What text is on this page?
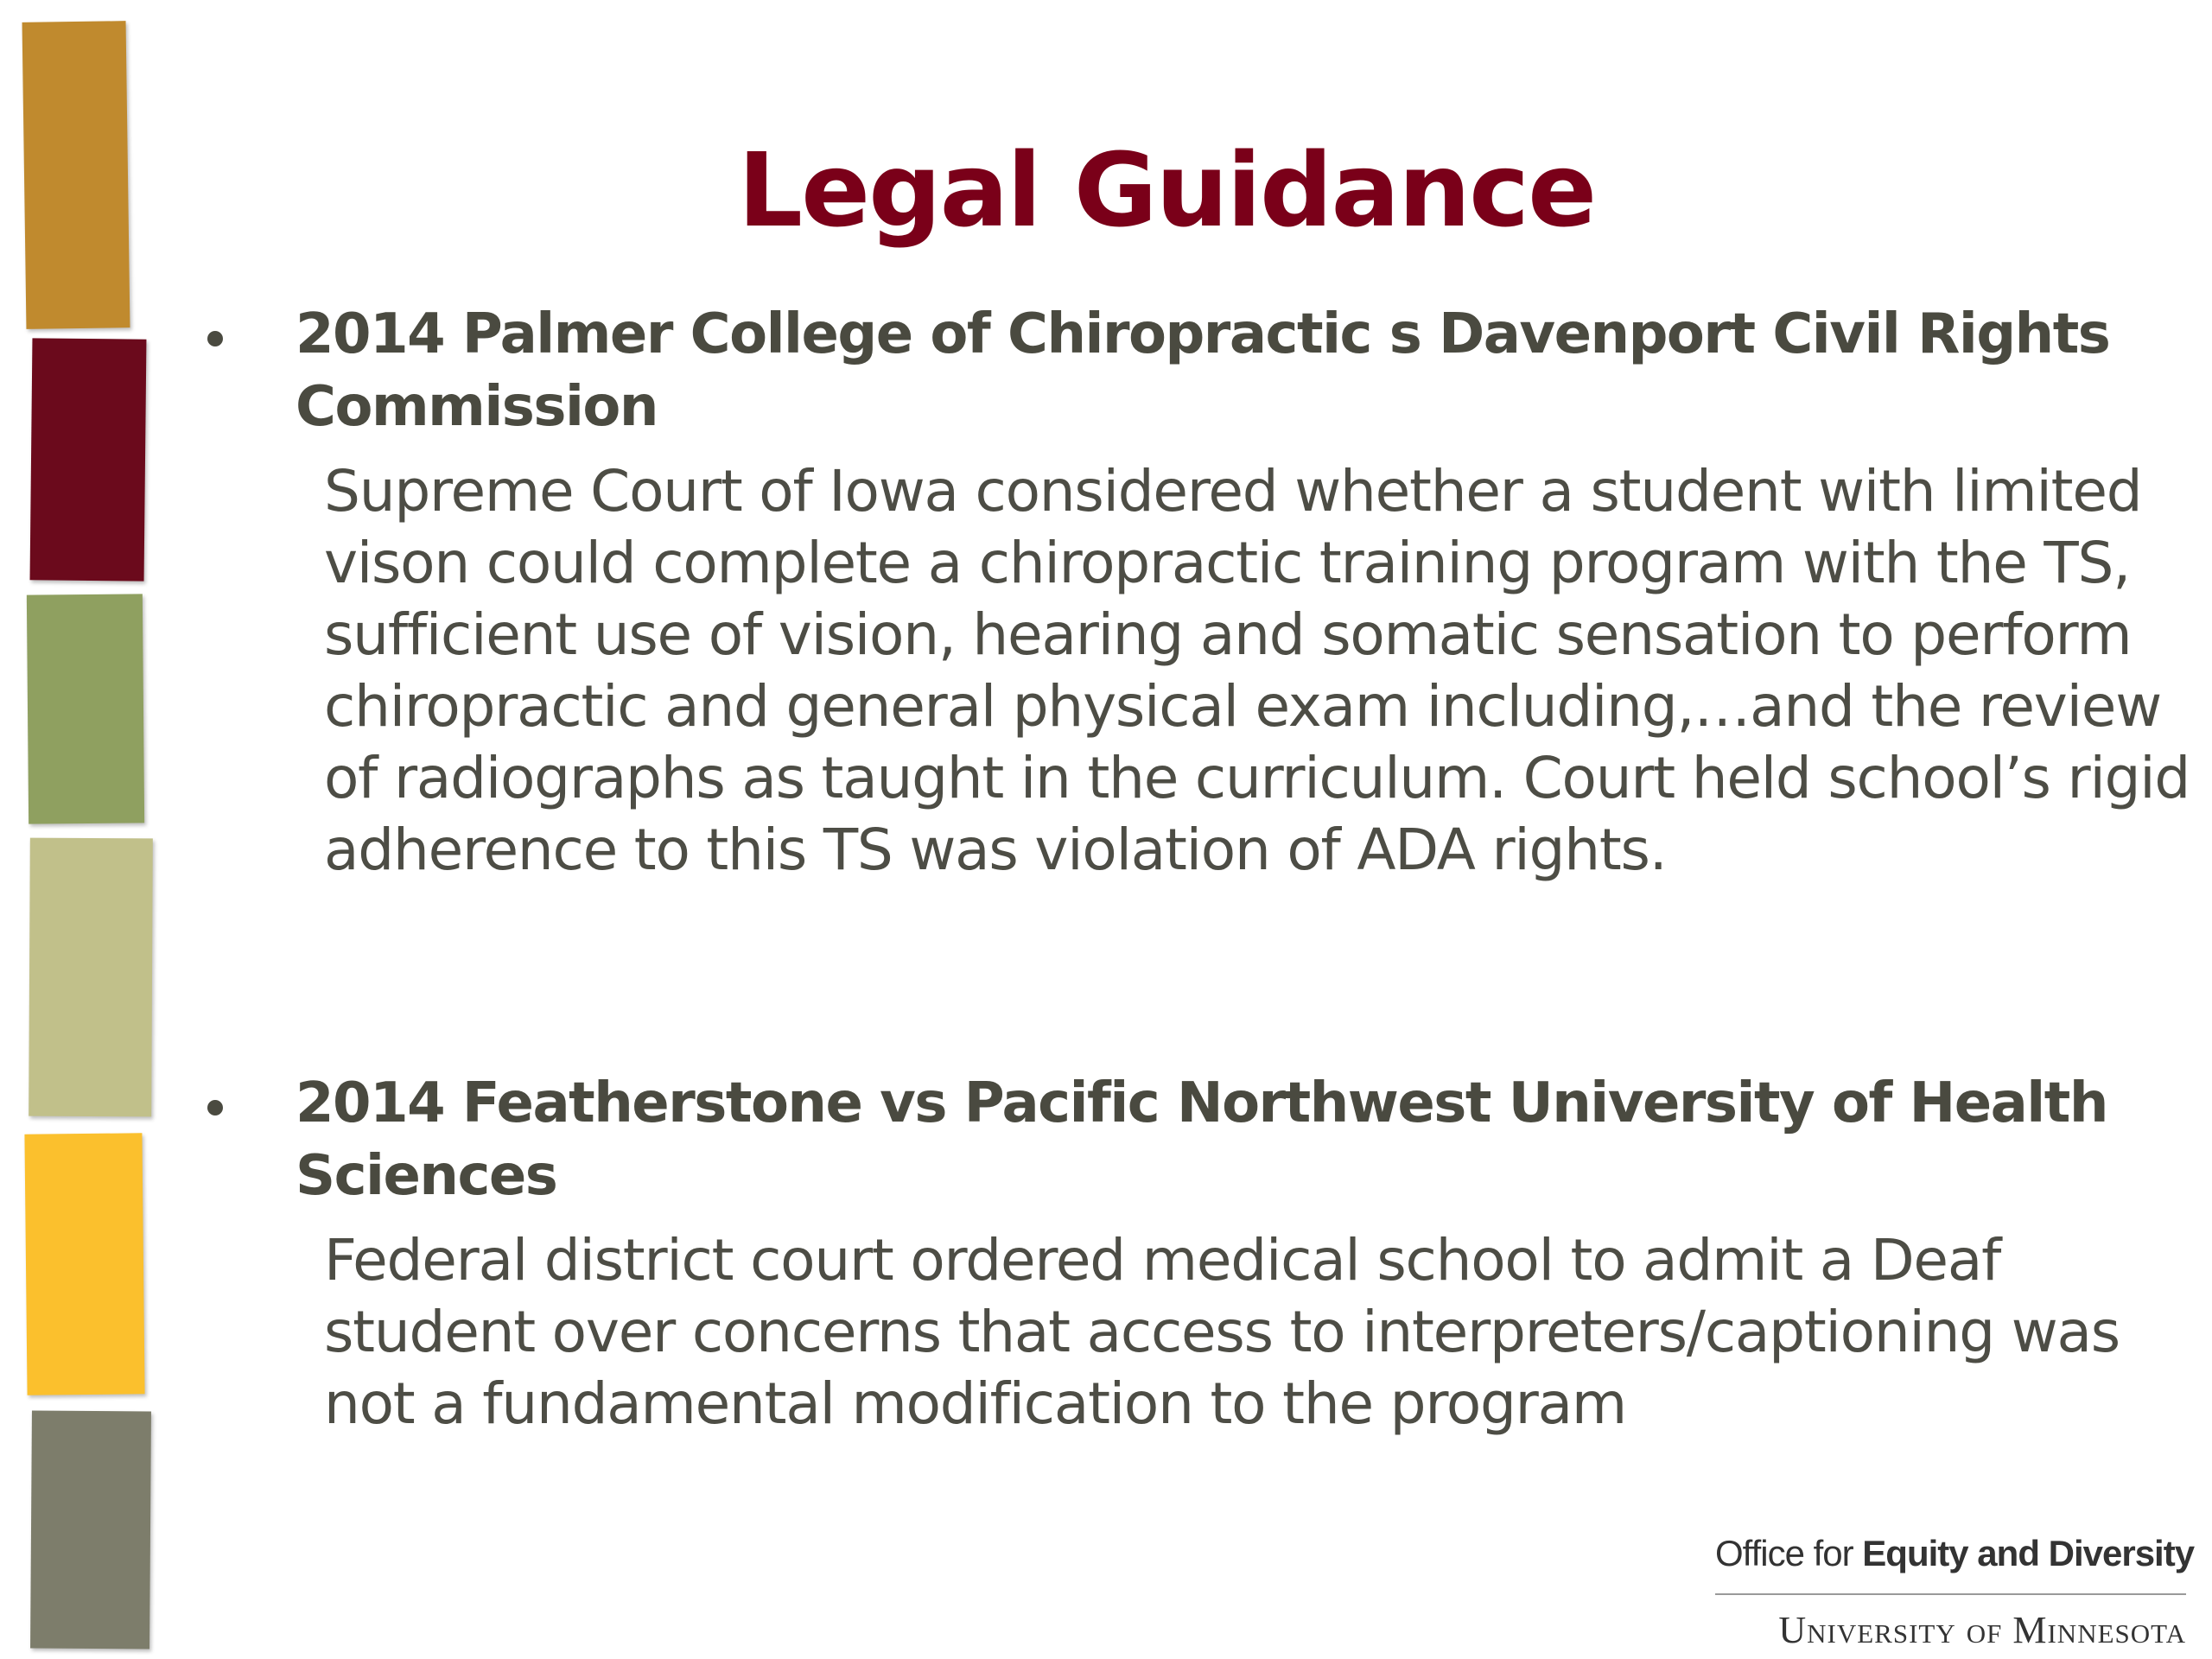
Legal Guidance
2014 Palmer College of Chiropractic s Davenport Civil Rights Commission
Supreme Court of Iowa considered whether a student with limited vison could complete a chiropractic training program with the TS, sufficient use of vision, hearing and somatic sensation to perform chiropractic and general physical exam including,…and the review of radiographs as taught in the curriculum. Court held school’s rigid adherence to this TS was violation of ADA rights.
2014 Featherstone vs Pacific Northwest University of Health Sciences
Federal district court ordered medical school to admit a Deaf student over concerns that access to interpreters/captioning was not a fundamental modification to the program
Office for Equity and Diversity
University of Minnesota
